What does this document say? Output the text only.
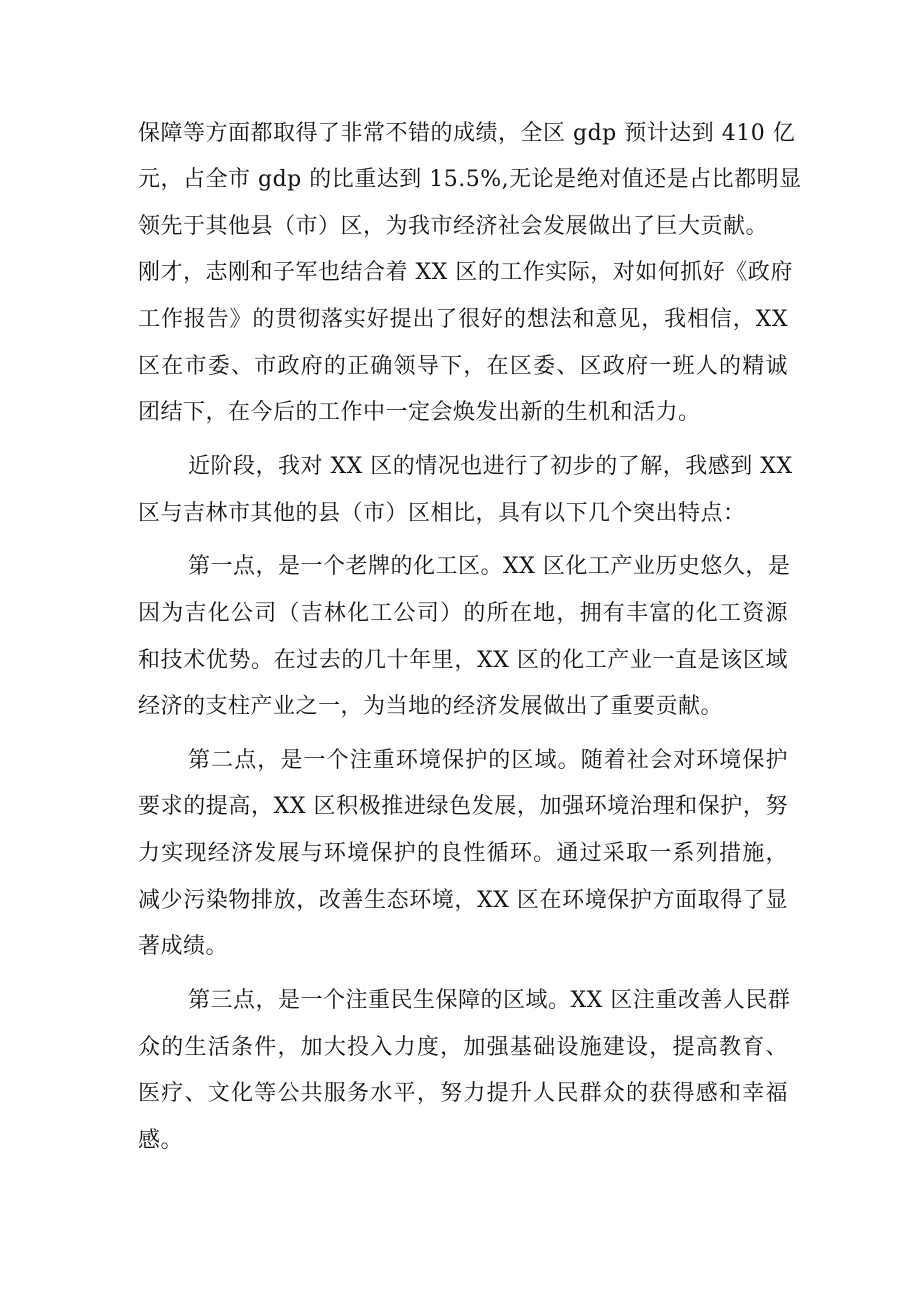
保障等方面都取得了非常不错的成绩，全区 gdp 预计达到 410 亿
元，占全市 gdp 的比重达到 15.5%,无论是绝对值还是占比都明显
领先于其他县（市）区，为我市经济社会发展做出了巨大贡献。
刚才，志刚和子军也结合着 XX 区的工作实际，对如何抓好《政府
工作报告》的贯彻落实好提出了很好的想法和意见，我相信，XX
区在市委、市政府的正确领导下，在区委、区政府一班人的精诚
团结下，在今后的工作中一定会焕发出新的生机和活力。
近阶段，我对 XX 区的情况也进行了初步的了解，我感到 XX
区与吉林市其他的县（市）区相比，具有以下几个突出特点：
第一点，是一个老牌的化工区。XX 区化工产业历史悠久，是
因为吉化公司（吉林化工公司）的所在地，拥有丰富的化工资源
和技术优势。在过去的几十年里，XX 区的化工产业一直是该区域
经济的支柱产业之一，为当地的经济发展做出了重要贡献。
第二点，是一个注重环境保护的区域。随着社会对环境保护
要求的提高，XX 区积极推进绿色发展，加强环境治理和保护，努
力实现经济发展与环境保护的良性循环。通过采取一系列措施，
减少污染物排放，改善生态环境，XX 区在环境保护方面取得了显
著成绩。
第三点，是一个注重民生保障的区域。XX 区注重改善人民群
众的生活条件，加大投入力度，加强基础设施建设，提高教育、
医疗、文化等公共服务水平，努力提升人民群众的获得感和幸福
感。
